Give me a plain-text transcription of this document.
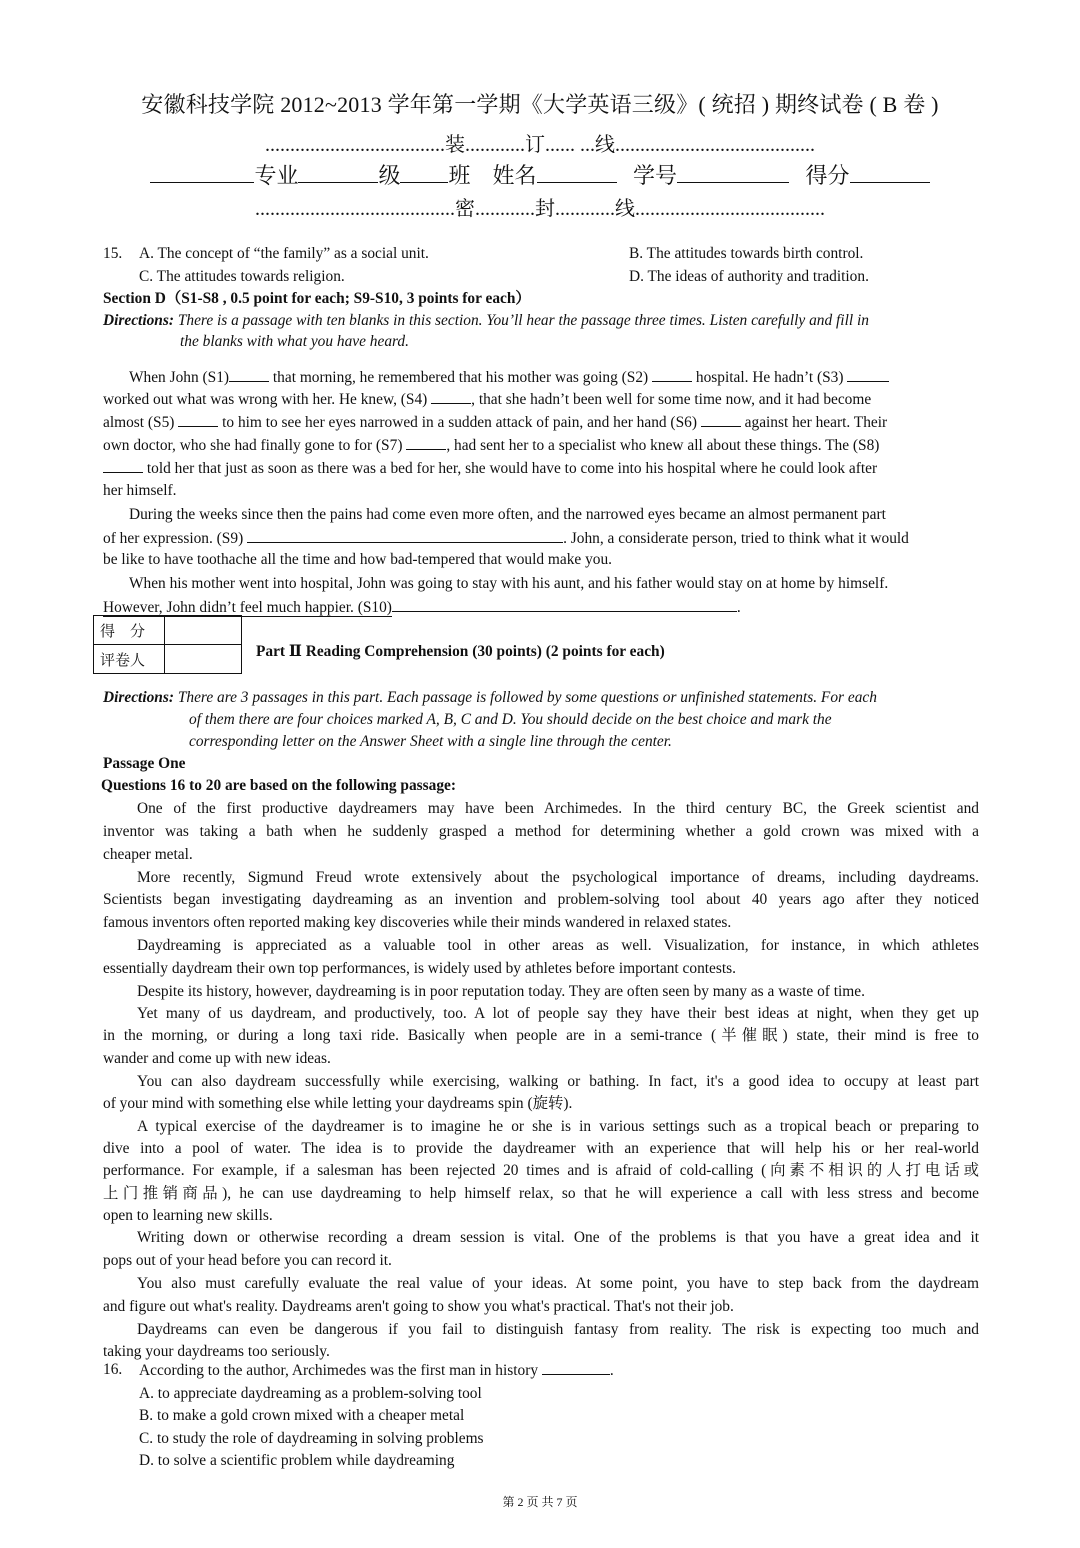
安徽科技学院 2012~2013 学年第一学期《大学英语三级》( 统招 ) 期终试卷 ( B 卷 )
....................................装............订...... ...线........................................
专业	级 班 姓名	学号	得分
........................................密............封............线......................................
15. A. The concept of “the family” as a social unit.	B. The attitudes towards birth control.
C. The attitudes towards religion.	D. The ideas of authority and tradition.
Section D（S1-S8 , 0.5 point for each; S9-S10, 3 points for each）
Directions: There is a passage with ten blanks in this section. You’ll hear the passage three times. Listen carefully and fill in
the blanks with what you have heard.
When John (S1)	that morning, he remembered that his mother was going (S2)	hospital. He hadn’t (S3)
worked out what was wrong with her. He knew, (S4)	, that she hadn’t been well for some time now, and it had become
almost (S5)	to him to see her eyes narrowed in a sudden attack of pain, and her hand (S6)	against her heart. Their
own doctor, who she had finally gone to for (S7)	, had sent her to a specialist who knew all about these things. The (S8)
told her that just as soon as there was a bed for her, she would have to come into his hospital where he could look after
her himself.
During the weeks since then the pains had come even more often, and the narrowed eyes became an almost permanent part
of her expression. (S9)	. John, a considerate person, tried to think what it would
be like to have toothache all the time and how bad-tempered that would make you.
When his mother went into hospital, John was going to stay with his aunt, and his father would stay on at home by himself.
However, John didn’t feel much happier. (S10)	.
得　分	
评卷人	
Part Ⅱ Reading Comprehension (30 points) (2 points for each)
Directions: There are 3 passages in this part. Each passage is followed by some questions or unfinished statements. For each
of them there are four choices marked A, B, C and D. You should decide on the best choice and mark the
corresponding letter on the Answer Sheet with a single line through the center.
Passage One
Questions 16 to 20 are based on the following passage:
One of the first productive daydreamers may have been Archimedes. In the third century BC, the Greek scientist and
inventor was taking a bath when he suddenly grasped a method for determining whether a gold crown was mixed with a
cheaper metal.
More recently, Sigmund Freud wrote extensively about the psychological importance of dreams, including daydreams.
Scientists began investigating daydreaming as an invention and problem-solving tool about 40 years ago after they noticed
famous inventors often reported making key discoveries while their minds wandered in relaxed states.
Daydreaming is appreciated as a valuable tool in other areas as well. Visualization, for instance, in which athletes
essentially daydream their own top performances, is widely used by athletes before important contests.
Despite its history, however, daydreaming is in poor reputation today. They are often seen by many as a waste of time.
Yet many of us daydream, and productively, too. A lot of people say they have their best ideas at night, when they get up
in the morning, or during a long taxi ride. Basically when people are in a semi-trance (半催眠) state, their mind is free to
wander and come up with new ideas.
You can also daydream successfully while exercising, walking or bathing. In fact, it's a good idea to occupy at least part
of your mind with something else while letting your daydreams spin (旋转).
A typical exercise of the daydreamer is to imagine he or she is in various settings such as a tropical beach or preparing to
dive into a pool of water. The idea is to provide the daydreamer with an experience that will help his or her real-world
performance. For example, if a salesman has been rejected 20 times and is afraid of cold-calling (向素不相识的人打电话或
上门推销商品), he can use daydreaming to help himself relax, so that he will experience a call with less stress and become
open to learning new skills.
Writing down or otherwise recording a dream session is vital. One of the problems is that you have a great idea and it
pops out of your head before you can record it.
You also must carefully evaluate the real value of your ideas. At some point, you have to step back from the daydream
and figure out what's reality. Daydreams aren't going to show you what's practical. That's not their job.
Daydreams can even be dangerous if you fail to distinguish fantasy from reality. The risk is expecting too much and
taking your daydreams too seriously.
16. According to the author, Archimedes was the first man in history	.
A. to appreciate daydreaming as a problem-solving tool
B. to make a gold crown mixed with a cheaper metal
C. to study the role of daydreaming in solving problems
D. to solve a scientific problem while daydreaming
第 2 页 共 7 页
